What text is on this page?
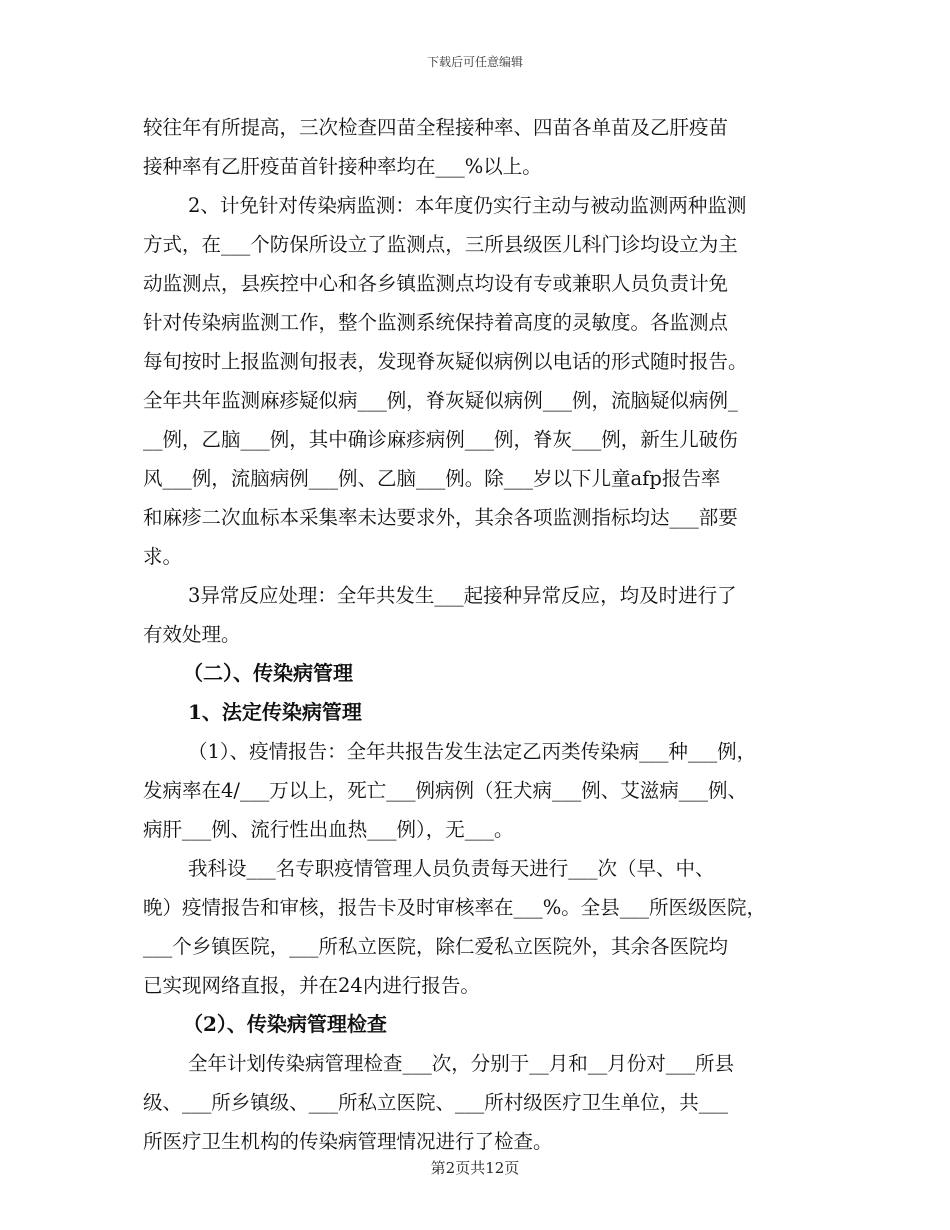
下载后可任意编辑
较往年有所提高，三次检查四苗全程接种率、四苗各单苗及乙肝疫苗
接种率有乙肝疫苗首针接种率均在___%以上。
2、计免针对传染病监测：本年度仍实行主动与被动监测两种监测
方式，在___个防保所设立了监测点，三所县级医儿科门诊均设立为主
动监测点，县疾控中心和各乡镇监测点均设有专或兼职人员负责计免
针对传染病监测工作，整个监测系统保持着高度的灵敏度。各监测点
每旬按时上报监测旬报表，发现脊灰疑似病例以电话的形式随时报告。
全年共年监测麻疹疑似病___例，脊灰疑似病例___例，流脑疑似病例_
__例，乙脑___例，其中确诊麻疹病例___例，脊灰___例，新生儿破伤
风___例，流脑病例___例、乙脑___例。除___岁以下儿童afp报告率
和麻疹二次血标本采集率未达要求外，其余各项监测指标均达___部要
求。
3异常反应处理：全年共发生___起接种异常反应，均及时进行了
有效处理。
（二）、传染病管理
1、法定传染病管理
（1）、疫情报告：全年共报告发生法定乙丙类传染病___种___例，
发病率在4/___万以上，死亡___例病例（狂犬病___例、艾滋病___例、
病肝___例、流行性出血热___例），无___。
我科设___名专职疫情管理人员负责每天进行___次（早、中、
晚）疫情报告和审核，报告卡及时审核率在___%。全县___所医级医院，
___个乡镇医院，___所私立医院，除仁爱私立医院外，其余各医院均
已实现网络直报，并在24内进行报告。
（2）、传染病管理检查
全年计划传染病管理检查___次，分别于__月和__月份对___所县
级、___所乡镇级、___所私立医院、___所村级医疗卫生单位，共___
所医疗卫生机构的传染病管理情况进行了检查。
第2页共12页
